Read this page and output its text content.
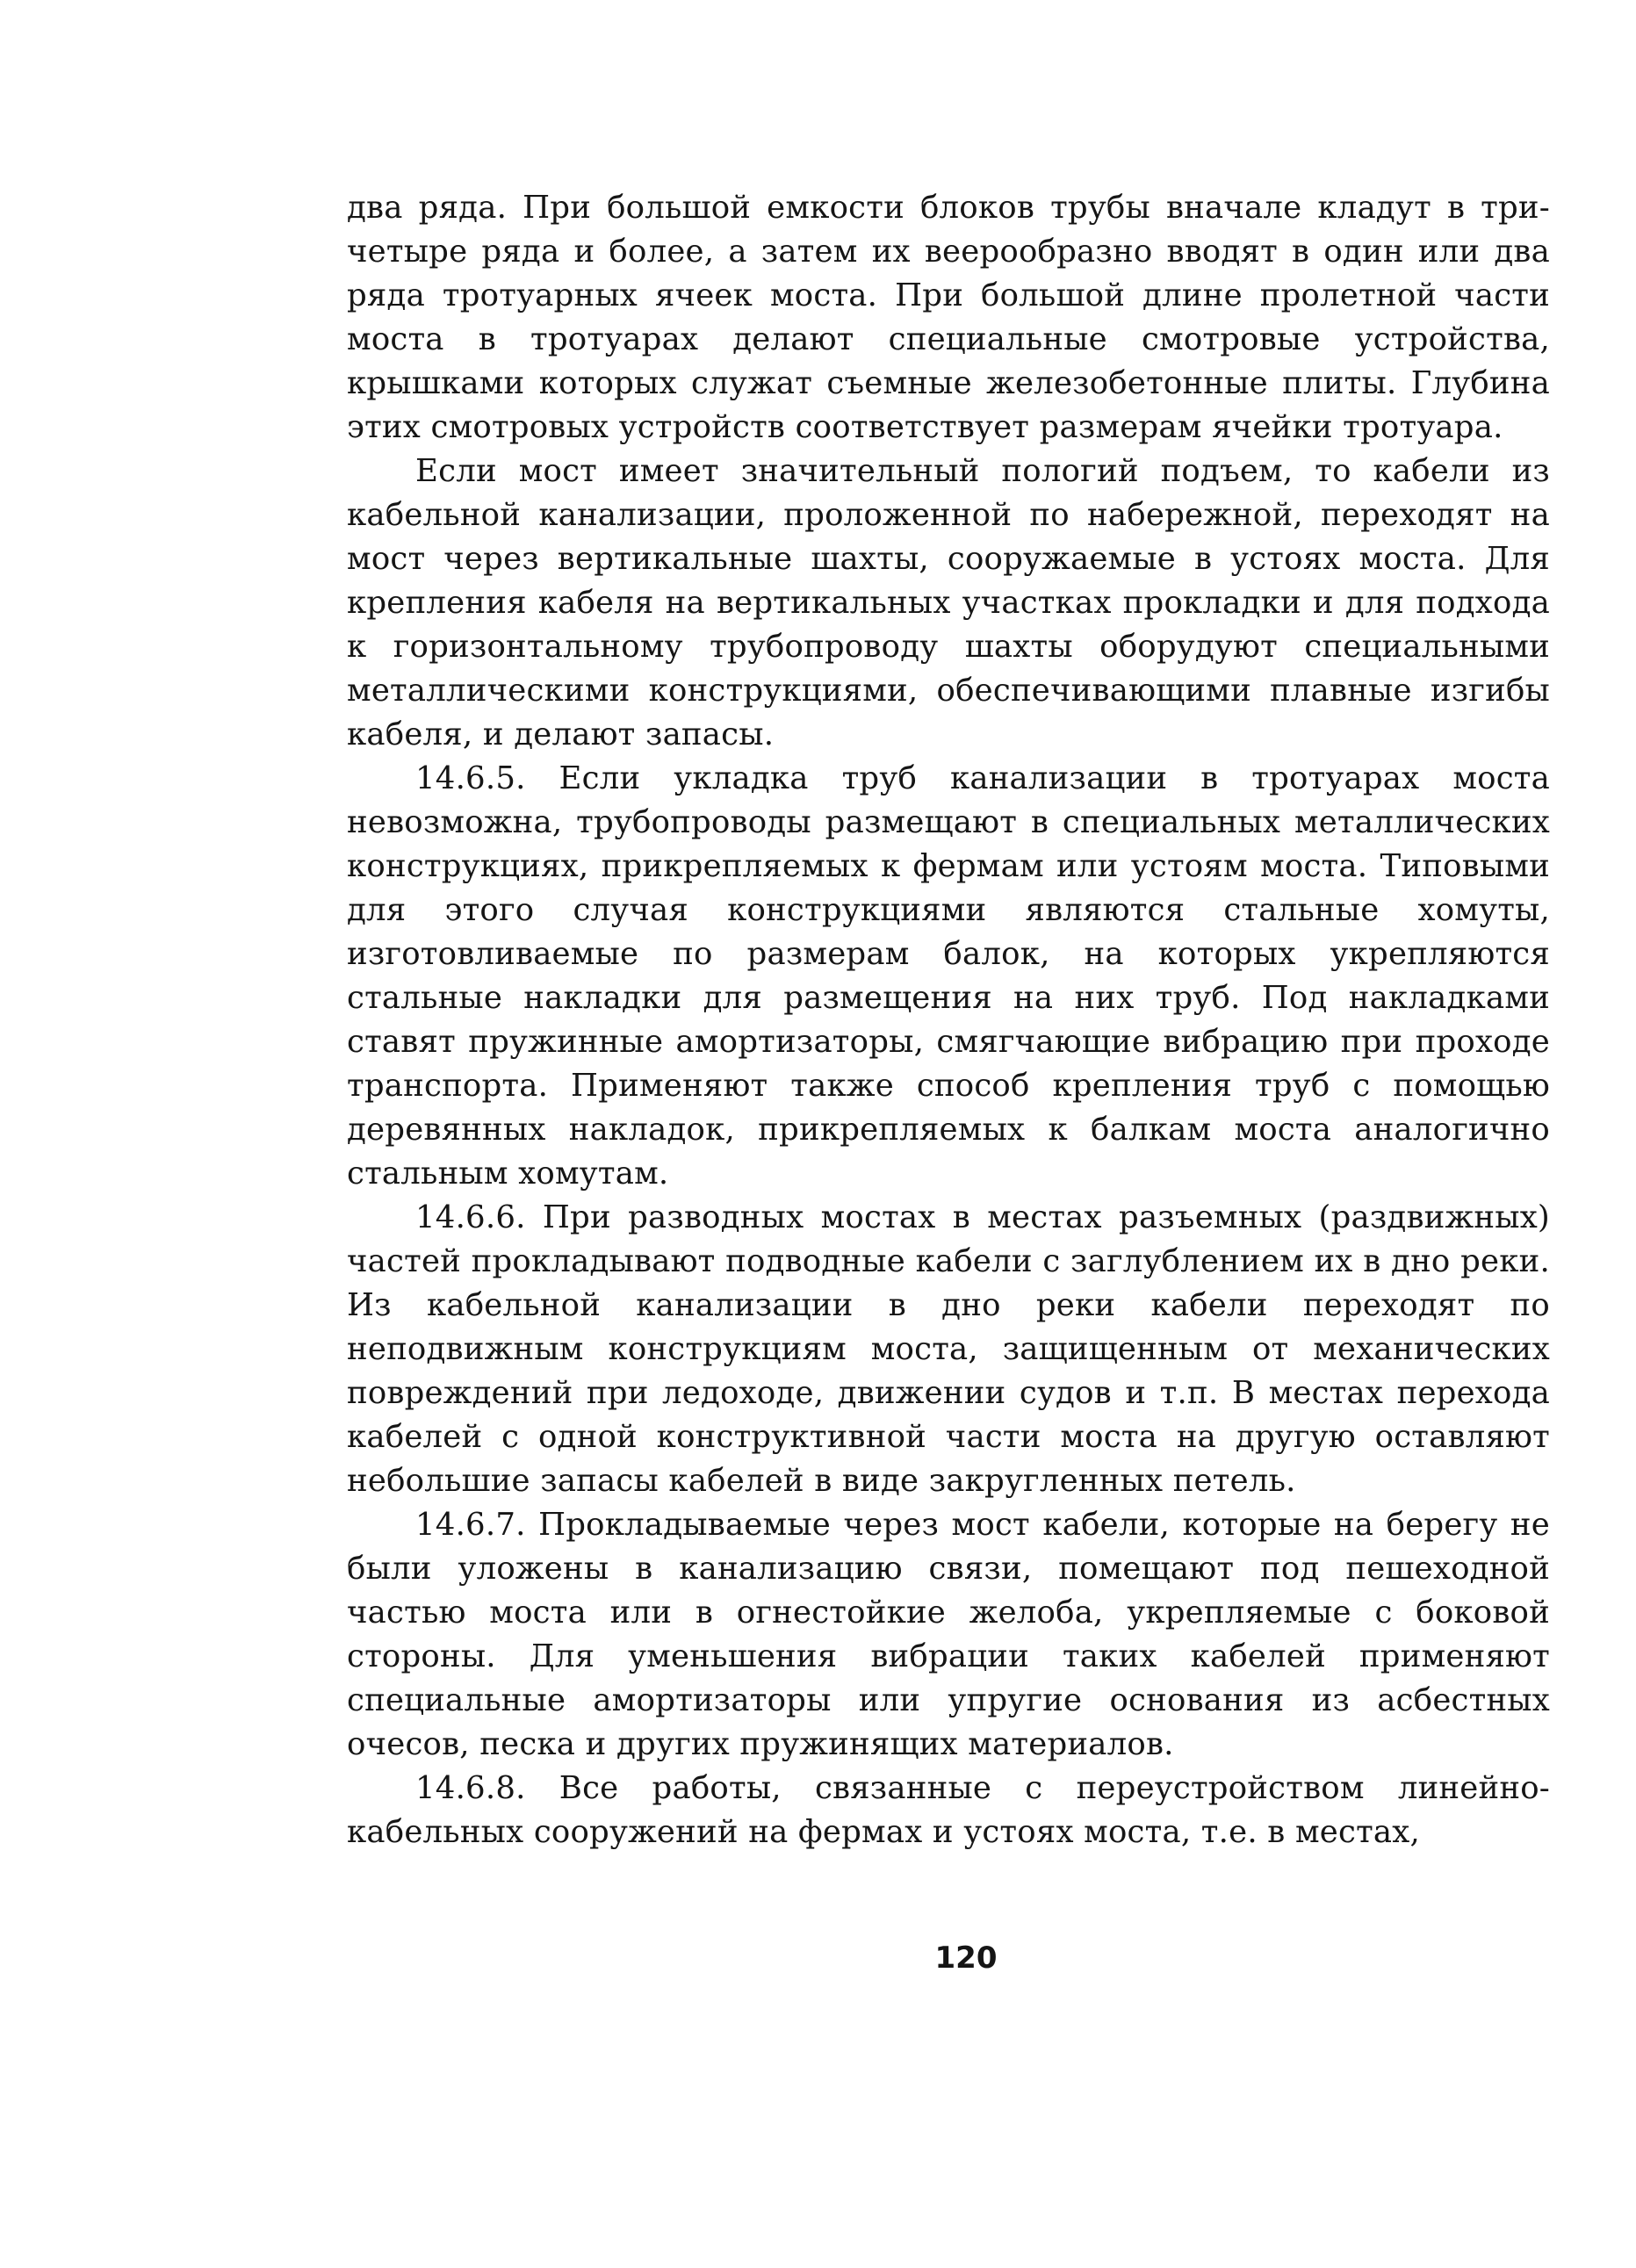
два ряда. При большой емкости блоков трубы вначале кладут в три-четыре ряда и более, а затем их веерообразно вводят в один или два ряда тротуарных ячеек моста. При большой длине пролетной части моста в тротуарах делают специальные смотровые устройства, крышками которых служат съемные железобетонные плиты. Глубина этих смотровых устройств соответствует размерам ячейки тротуара.

Если мост имеет значительный пологий подъем, то кабели из кабельной канализации, проложенной по набережной, переходят на мост через вертикальные шахты, сооружаемые в устоях моста. Для крепления кабеля на вертикальных участках прокладки и для подхода к горизонтальному трубопроводу шахты оборудуют специальными металлическими конструкциями, обеспечивающими плавные изгибы кабеля, и делают запасы.

14.6.5. Если укладка труб канализации в тротуарах моста невозможна, трубопроводы размещают в специальных металлических конструкциях, прикрепляемых к фермам или устоям моста. Типовыми для этого случая конструкциями являются стальные хомуты, изготовливаемые по размерам балок, на которых укрепляются стальные накладки для размещения на них труб. Под накладками ставят пружинные амортизаторы, смягчающие вибрацию при проходе транспорта. Применяют также способ крепления труб с помощью деревянных накладок, прикрепляемых к балкам моста аналогично стальным хомутам.

14.6.6. При разводных мостах в местах разъемных (раздвижных) частей прокладывают подводные кабели с заглублением их в дно реки. Из кабельной канализации в дно реки кабели переходят по неподвижным конструкциям моста, защищенным от механических повреждений при ледоходе, движении судов и т.п. В местах перехода кабелей с одной конструктивной части моста на другую оставляют небольшие запасы кабелей в виде закругленных петель.

14.6.7. Прокладываемые через мост кабели, которые на берегу не были уложены в канализацию связи, помещают под пешеходной частью моста или в огнестойкие желоба, укрепляемые с боковой стороны. Для уменьшения вибрации таких кабелей применяют специальные амортизаторы или упругие основания из асбестных очесов, песка и других пружинящих материалов.

14.6.8. Все работы, связанные с переустройством линейно-кабельных сооружений на фермах и устоях моста, т.е. в местах,

120
